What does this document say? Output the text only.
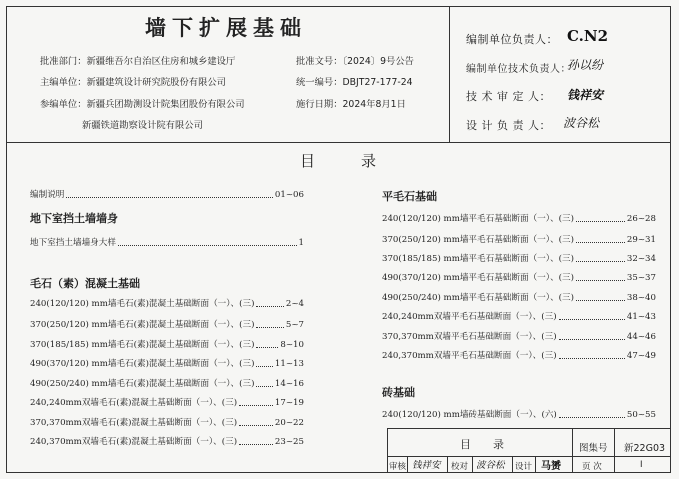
墙下扩展基础
批准部门：新疆维吾尔自治区住房和城乡建设厅
主编单位：新疆建筑设计研究院股份有限公司
参编单位：新疆兵团勘测设计院集团股份有限公司
新疆铁道勘察设计院有限公司
批准文号：〔2024〕9号公告
统一编号：DBJT27-177-24
施行日期：2024年8月1日
编制单位负责人： C.N2
编制单位技术负责人：
孙以纷
技 术 审 定 人： 钱祥安
设 计 负 责 人： 波谷松
目	录
编制说明	01~06
地下室挡土墙墙身
地下室挡土墙墙身大样	1
毛石（素）混凝土基础
240(120/120) mm墙毛石(素)混凝土基础断面（一）、(三)	2~4
370(250/120) mm墙毛石(素)混凝土基础断面（一）、(三)	5~7
370(185/185) mm墙毛石(素)混凝土基础断面（一）、(三)	8~10
490(370/120) mm墙毛石(素)混凝土基础断面（一）、(三) 11~13
490(250/240) mm墙毛石(素)混凝土基础断面（一）、(三) 14~16
240,240mm双墙毛石(素)混凝土基础断面（一）、(三)	17~19
370,370mm双墙毛石(素)混凝土基础断面（一）、(三)	20~22
240,370mm双墙毛石(素)混凝土基础断面（一）、(三)	23~25
平毛石基础
240(120/120) mm墙平毛石基础断面（一）、(三)	26~28
370(250/120) mm墙平毛石基础断面（一）、(三)	29~31
370(185/185) mm墙平毛石基础断面（一）、(三)	32~34
490(370/120) mm墙平毛石基础断面（一）、(三)	35~37
490(250/240) mm墙平毛石基础断面（一）、(三)	38~40
240,240mm双墙平毛石基础断面（一）、(三)	41~43
370,370mm双墙平毛石基础断面（一）、(三)	44~46
240,370mm双墙平毛石基础断面（一）、(三)	47~49
砖基础
240(120/120) mm墙砖基础断面（一）、(六)	50~55
目 录	图集号 新22G03
审核 钱祥安 校对 波谷松 设计 马赟 页 次	I
